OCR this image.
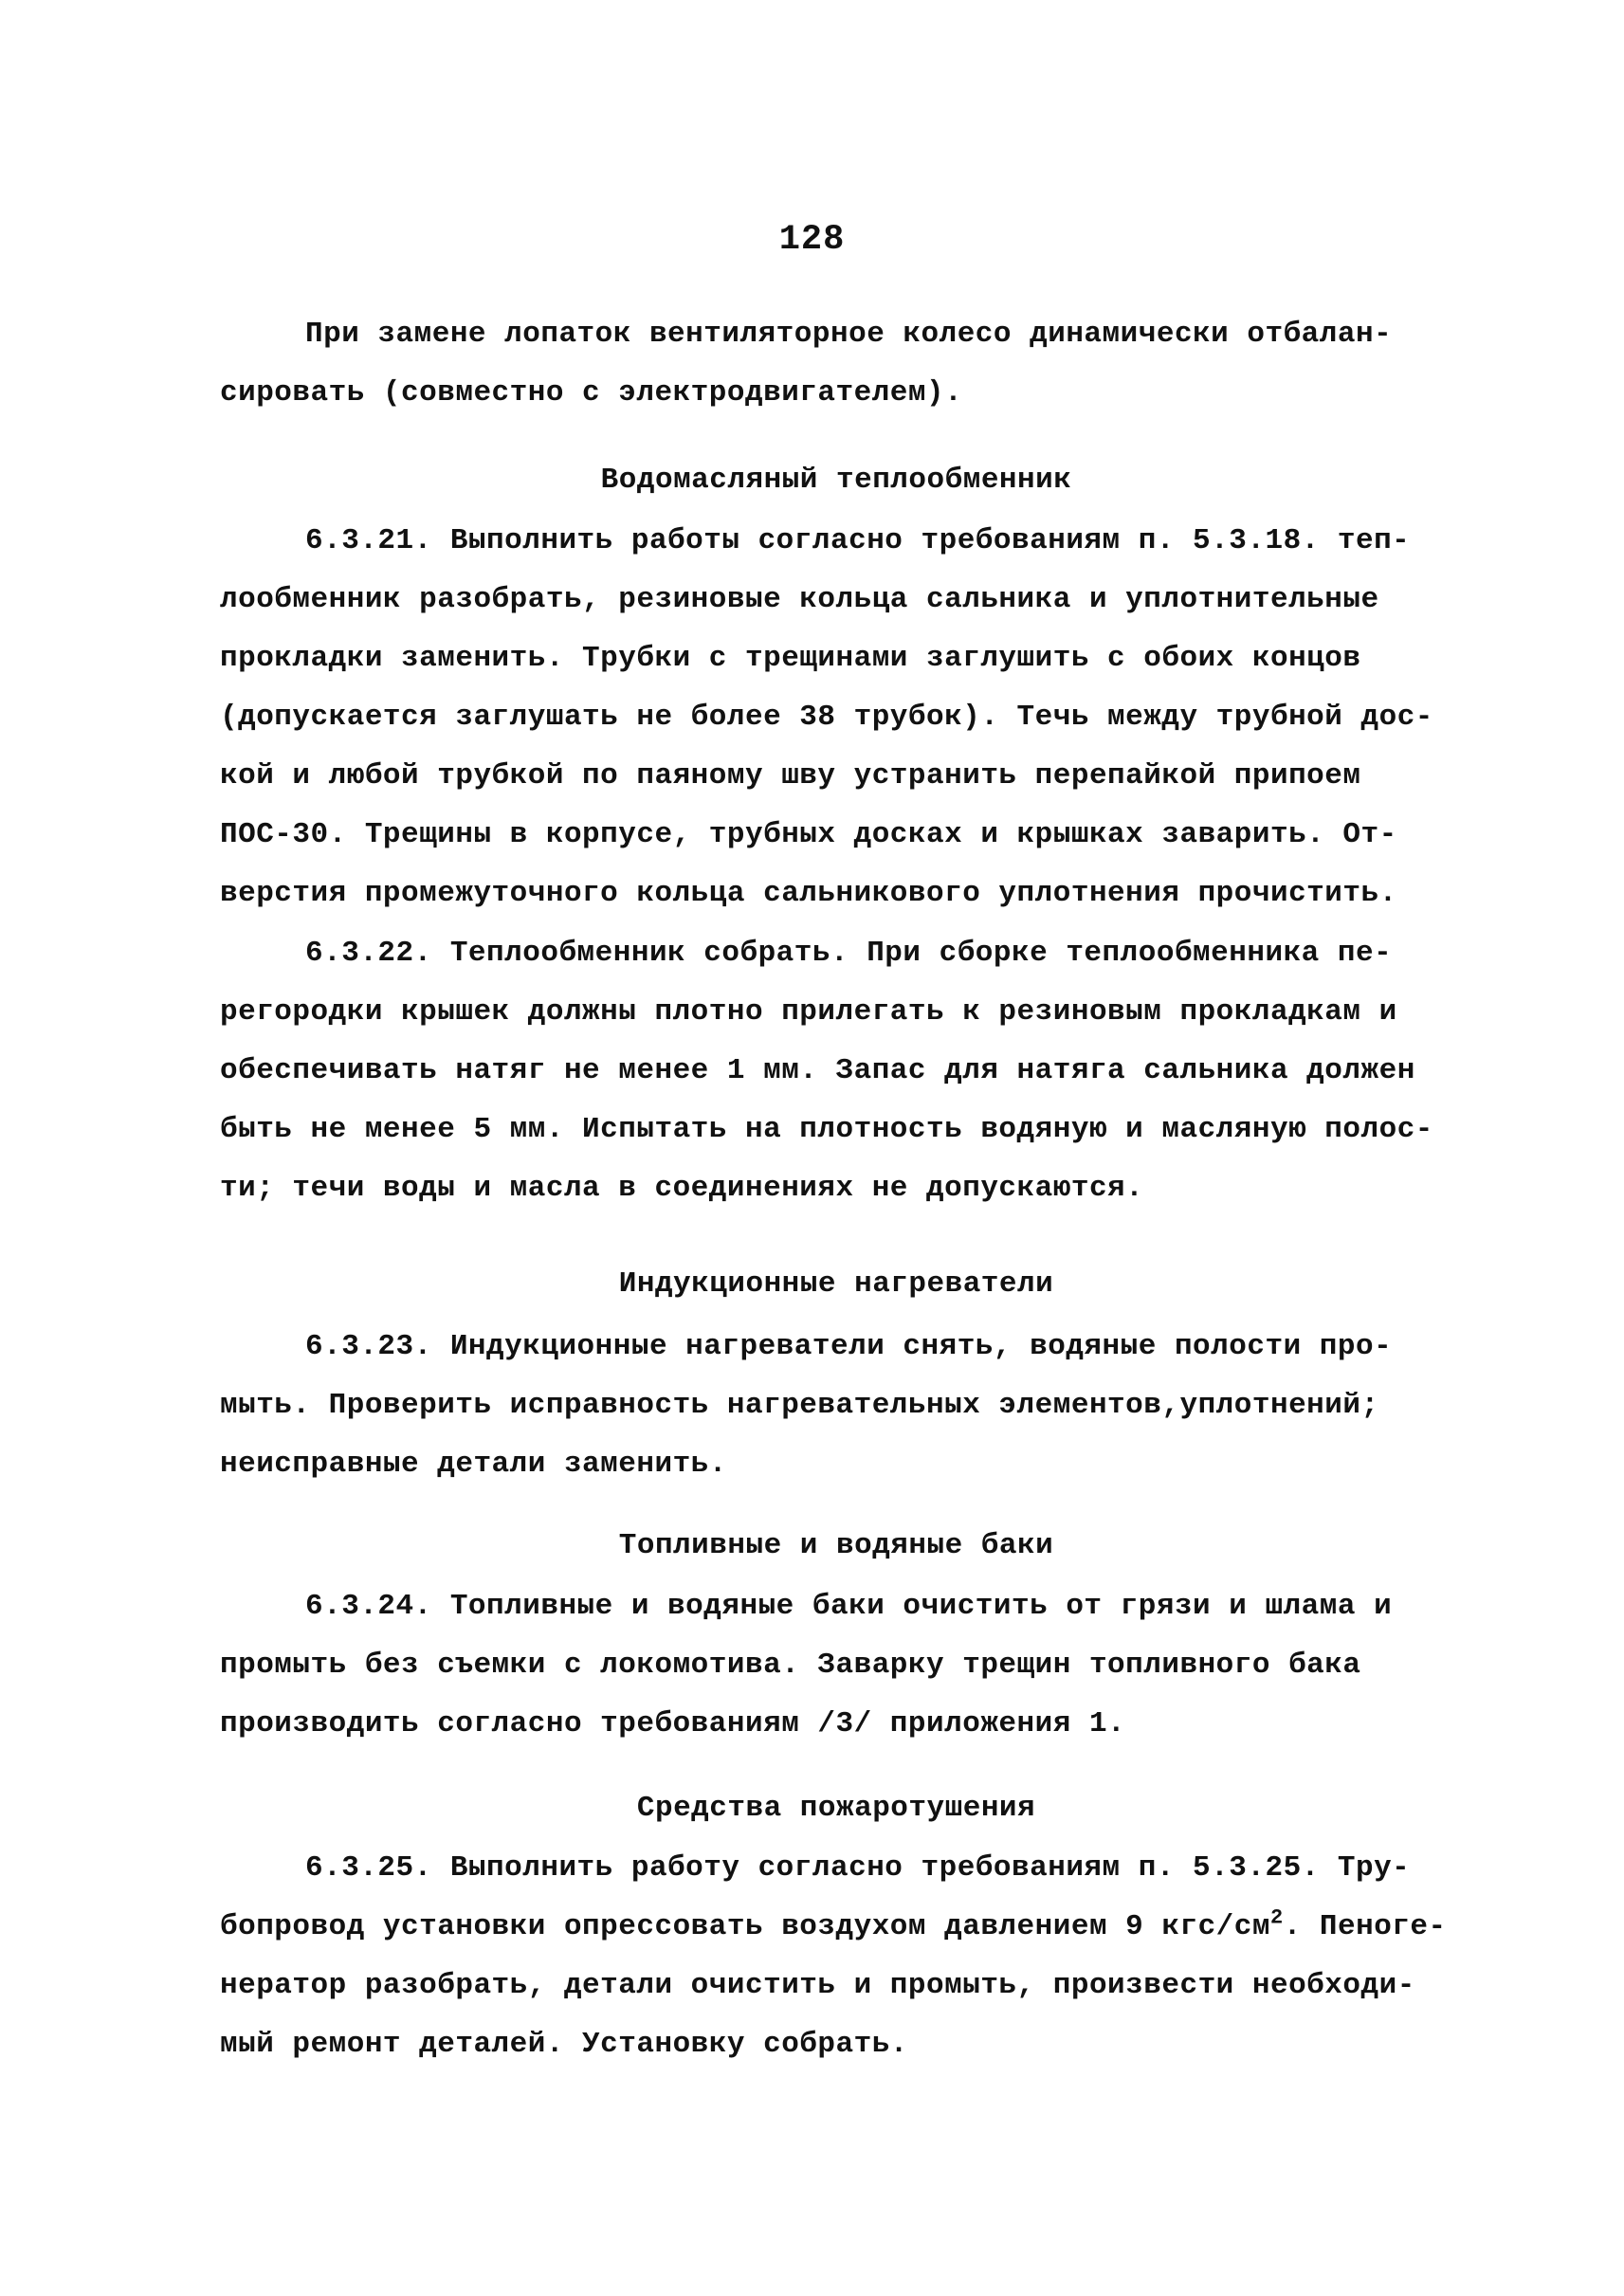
128
При замене лопаток вентиляторное колесо динамически отбалан-
сировать (совместно с электродвигателем).
Водомасляный теплообменник
6.3.21. Выполнить работы согласно требованиям п. 5.3.18. теп-
лообменник разобрать, резиновые кольца сальника и уплотнительные
прокладки заменить. Трубки с трещинами заглушить с обоих концов
(допускается заглушать не более 38 трубок). Течь между трубной дос-
кой и любой трубкой по паяному шву устранить перепайкой припоем
ПОС-30. Трещины в корпусе, трубных досках и крышках заварить. От-
верстия промежуточного кольца сальникового уплотнения прочистить.
6.3.22. Теплообменник собрать. При сборке теплообменника пе-
регородки крышек должны плотно прилегать к резиновым прокладкам и
обеспечивать натяг не менее 1 мм. Запас для натяга сальника должен
быть не менее 5 мм. Испытать на плотность водяную и масляную полос-
ти; течи воды и масла в соединениях не допускаются.
Индукционные нагреватели
6.3.23. Индукционные нагреватели снять, водяные полости про-
мыть. Проверить исправность нагревательных элементов,уплотнений;
неисправные детали заменить.
Топливные и водяные баки
6.3.24. Топливные и водяные баки очистить от грязи и шлама и
промыть без съемки с локомотива. Заварку трещин топливного бака
производить согласно требованиям /3/ приложения 1.
Средства пожаротушения
6.3.25. Выполнить работу согласно требованиям п. 5.3.25. Тру-
бопровод установки опрессовать воздухом давлением 9 кгс/$см^2$. Пеноге-
нератор разобрать, детали очистить и промыть, произвести необходи-
мый ремонт деталей. Установку собрать.
